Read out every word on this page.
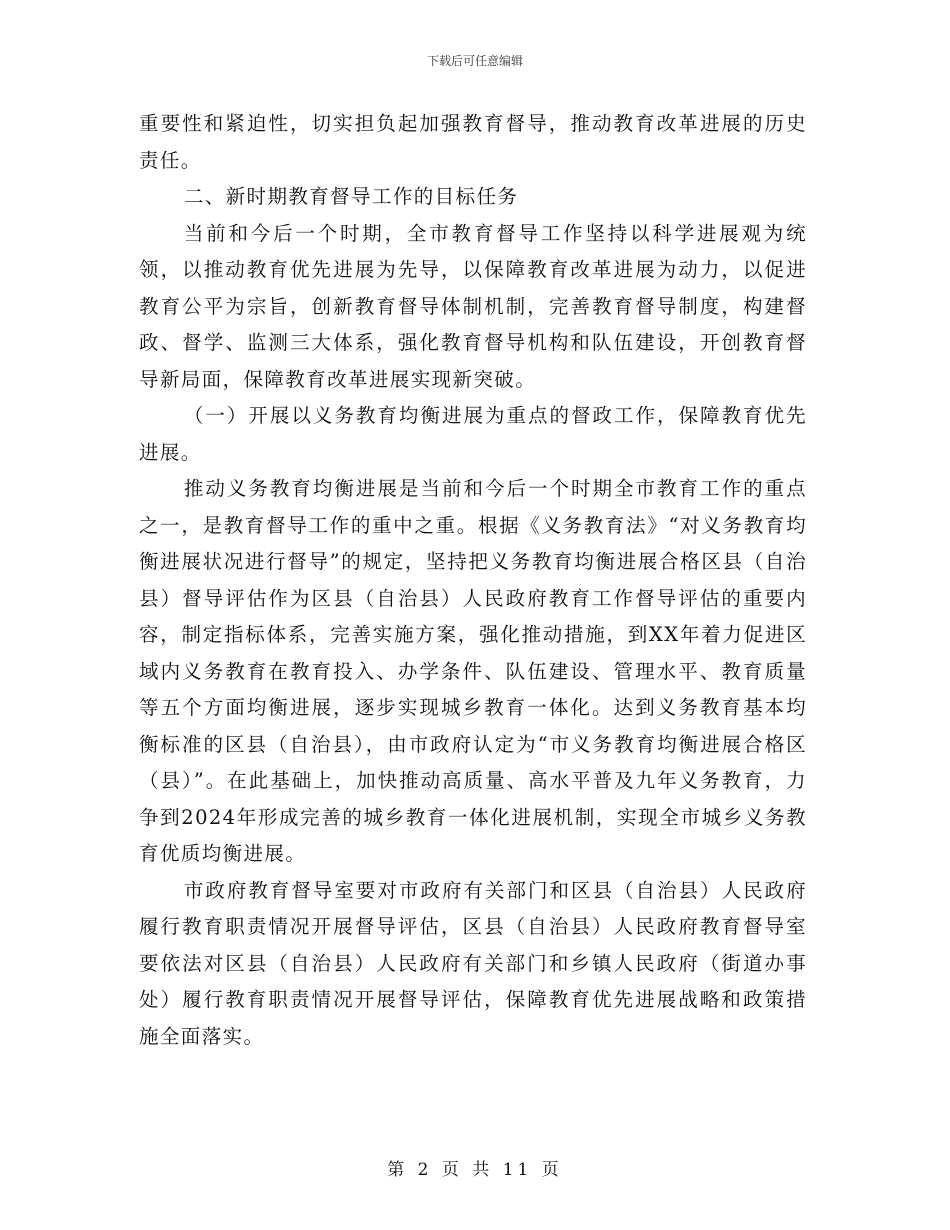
下载后可任意编辑

重要性和紧迫性，切实担负起加强教育督导，推动教育改革进展的历史责任。

二、新时期教育督导工作的目标任务

当前和今后一个时期，全市教育督导工作坚持以科学进展观为统领，以推动教育优先进展为先导，以保障教育改革进展为动力，以促进教育公平为宗旨，创新教育督导体制机制，完善教育督导制度，构建督政、督学、监测三大体系，强化教育督导机构和队伍建设，开创教育督导新局面，保障教育改革进展实现新突破。

（一）开展以义务教育均衡进展为重点的督政工作，保障教育优先进展。

推动义务教育均衡进展是当前和今后一个时期全市教育工作的重点之一，是教育督导工作的重中之重。根据《义务教育法》“对义务教育均衡进展状况进行督导”的规定，坚持把义务教育均衡进展合格区县（自治县）督导评估作为区县（自治县）人民政府教育工作督导评估的重要内容，制定指标体系，完善实施方案，强化推动措施，到XX年着力促进区域内义务教育在教育投入、办学条件、队伍建设、管理水平、教育质量等五个方面均衡进展，逐步实现城乡教育一体化。达到义务教育基本均衡标准的区县（自治县），由市政府认定为“市义务教育均衡进展合格区（县）”。在此基础上，加快推动高质量、高水平普及九年义务教育，力争到2024年形成完善的城乡教育一体化进展机制，实现全市城乡义务教育优质均衡进展。

市政府教育督导室要对市政府有关部门和区县（自治县）人民政府履行教育职责情况开展督导评估，区县（自治县）人民政府教育督导室要依法对区县（自治县）人民政府有关部门和乡镇人民政府（街道办事处）履行教育职责情况开展督导评估，保障教育优先进展战略和政策措施全面落实。

第 2 页 共 11 页
